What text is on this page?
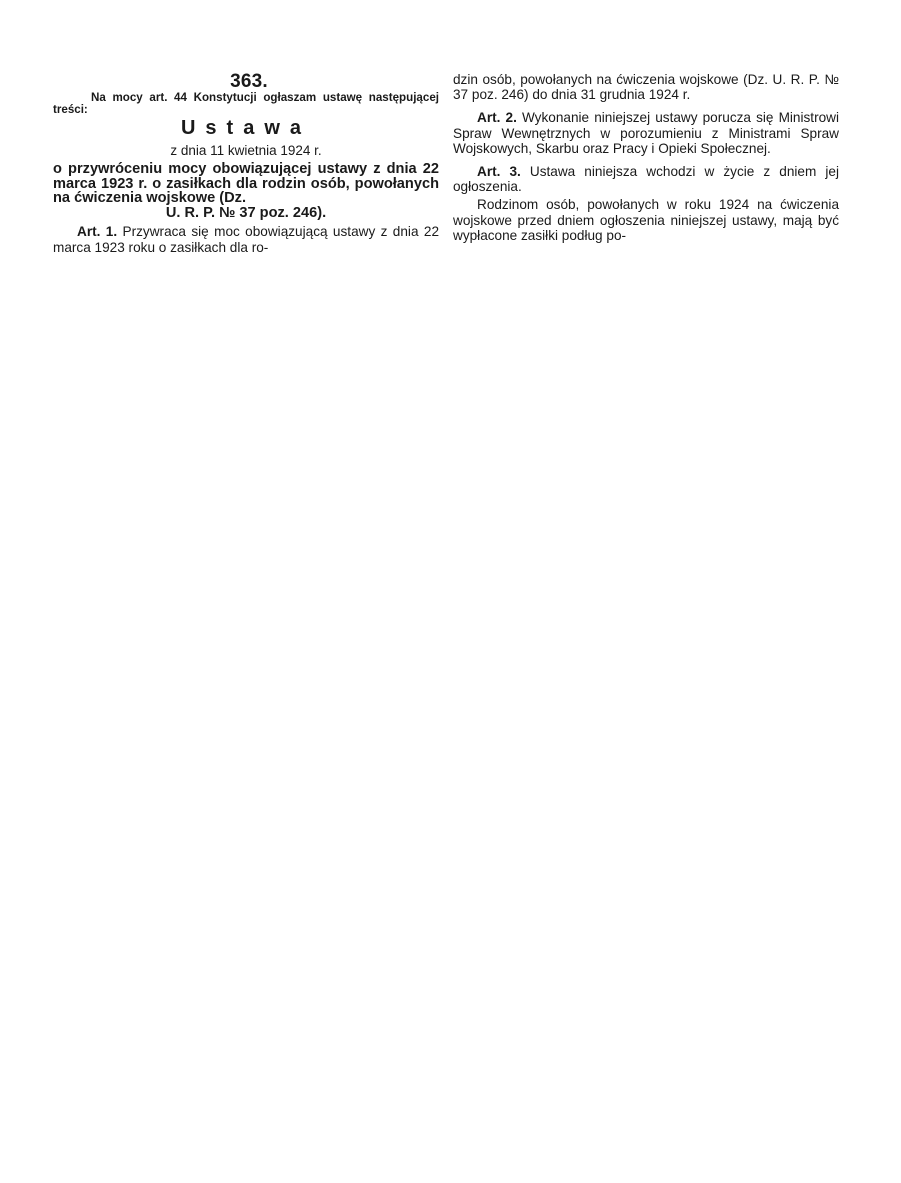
363.

Na mocy art. 44 Konstytucji ogłaszam ustawę następującej treści:

Ustawa
z dnia 11 kwietnia 1924 r.

o przywróceniu mocy obowiązującej ustawy z dnia 22 marca 1923 r. o zasiłkach dla rodzin osób, powołanych na ćwiczenia wojskowe (Dz.

U. R. P. № 37 poz. 246).

Art. 1. Przywraca się moc obowiązującą ustawy z dnia 22 marca 1923 roku o zasiłkach dla ro-

dzin osób, powołanych na ćwiczenia wojskowe (Dz. U. R. P. № 37 poz. 246) do dnia 31 grudnia 1924 r.

Art. 2. Wykonanie niniejszej ustawy porucza się Ministrowi Spraw Wewnętrznych w porozumieniu z Ministrami Spraw Wojskowych, Skarbu oraz Pracy i Opieki Społecznej.

Art. 3. Ustawa niniejsza wchodzi w życie z dniem jej ogłoszenia.

Rodzinom osób, powołanych w roku 1924 na ćwiczenia wojskowe przed dniem ogłoszenia niniejszej ustawy, mają być wypłacone zasiłki podług po-
